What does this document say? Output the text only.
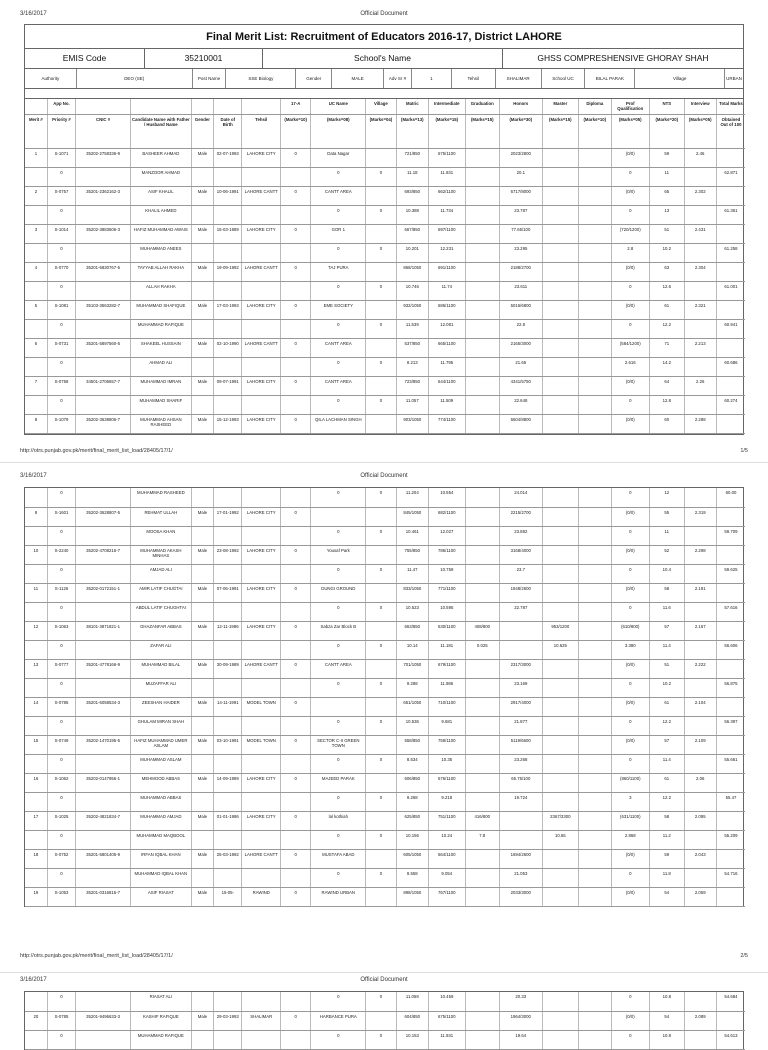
3/16/2017	Official Document
Final Merit List: Recruitment of Educators 2016-17, District LAHORE
EMIS Code	35210001	School's Name	GHSS COMPRESHENSIVE GHORAY SHAH
Authority	DEO (SE)	Post Name	SSE Biology	Gender	MALE	Adv Sr #	1	Tehsil	SHALIMAR	School UC	BILAL PARAK	Village	URBAN
	App No.						17-A	UC Name	Village	Matric	Intermediate	Graduation	Honors	Master	Diploma	Prof Qualification	NTS	Interview	Total Marks
Merit #	Priority #	CNIC #	Candidate Name with Father / Husband Name	Gender	Date of Birth	Tehsil	(Marks=10)	(Marks=08)	(Marks=04)	(Marks=13)	(Marks=15)	(Marks=15)	(Marks=30)	(Marks=15)	(Marks=10)	(Marks=05)	(Marks=20)	(Marks=05)	Obtained Out of 100
1	S-1071	35202-2758336-9	BASHEER AHMAD	Male	02-07-1993	LAHORE CITY	0	Data Nagar		721/850	675/1100		2023/2800			(0/0)	59	2.46	
	0		MANZOOR AHMAD					0	0	11.18	11.931		20.1			0	11		62.871
2	S-0757	35201-2362162-3	ASIF KHALIL	Male	10-06-1991	LAHORE CANTT	0	CANTT AREA		693/850	662/1100		6717/8000			(0/0)	65	2.302	
	0		KHALIL AHMED					0	0	10.388	11.734		23.787			0	13		61.361
3	S-1014	35202-3883606-3	HAFIZ MUHAMMAD AWAIS	Male	15-03-1989	LAHORE CITY	0	GOR 1		667/850	697/1100		77.65/100			(720/1200)	51	2.431	
	0		MUHAMMAD ANEES					0	0	10.201	12.231		23.295			2.8	10.2		61.258
4	S-0770	35201-6830767-5	TAYYAB ALLAH RAKHA	Male	19-09-1992	LAHORE CANTT	0	TAJ PURA		868/1050	691/1100		2188/2700			(0/0)	63	2.304	
	0		ALLAH RAKHA					0	0	10.746	11.74		23.611			0	12.6		61.001
5	S-1081	35103-3563282-7	MUHAMMAD SHAFIQUE	Male	17-03-1993	LAHORE CITY	0	EME SOCIETY		932/1050	686/1100		5016/6800			(0/0)	61	2.321	
	0		MUHAMMAD RAFIQUE					0	0	11.539	12.081		22.8			0	12.2		60.941
6	S-0731	35201-5897560-5	SHAKEEL HUSSAIN	Male	02-10-1990	LAHORE CANTT	0	CANTT AREA		537/850	665/1100		2165/3000			(584/1200)	71	2.213	
	0		AHMAD ALI					0	0	8.213	11.795		21.65			2.616	14.2		60.686
7	S-0758	34501-2706657-7	MUHAMMAD IMRAN	Male	09-07-1991	LAHORE CITY	0	CANTT AREA		723/850	644/1100		4341/5750			(0/0)	64	2.26	
	0		MUHAMMAD SHARIF					0	0	11.057	11.509		22.648			0	12.8		60.274
8	S-1079	35202-3638806-7	MUHAMMAD AHSAN RASHEED	Male	15-12-1993	LAHORE CITY	0	QILA LACHMAN SINGH		903/1050	774/1100		6604/8800			(0/0)	60	2.288	
http://otrs.punjab.gov.pk/merit/final_merit_list_load/28405/17/1/	1/5
3/16/2017	Official Document
	0		MUHAMMAD RASHEED					0	0	11.204	10.554		24.014			0	12		60.00
9	S-1601	35202-3628807-5	REHMAT ULLAH	Male	17-01-1992	LAHORE CITY	0			845/1050	682/1100		2215/2700			(0/0)	55	2.319	
	0		MOOSA KHAN					0	0	10.461	12.027		23.882			0	11		59.709
10	S-2240	35202-4708216-7	MUHAMMAD AKASH MINHAS	Male	23-08-1992	LAHORE CITY	0	Yousaf Park		755/850	786/1100		3168/4000			(0/0)	52	2.298	
	0		AMJAD ALI					0	0	11.47	10.759		23.7			0	10.4		59.625
11	S-1126	35202-0172151-1	AMIR LATIF CHUGTAI	Male	07-06-1991	LAHORE CITY	0	DUNGI GROUND		833/1050	771/1100		1948/2600			(0/0)	58	2.191	
	0		ABDUL LATIF CHUGHTAI					0	0	10.523	10.595		22.787			0	11.6		57.616
12	S-1063	38101-3871821-1	GHAZANFAR ABBAS	Male	12-11-1986	LAHORE CITY	0	Sabza Zar Block B		663/850	630/1100	408/800		953/1200		(610/800)	57	2.167	
	0		ZAFAR ALI					0	0	10.14	11.181	0.025		10.625		3.380	11.4		56.606
13	S-0777	35201-4778166-9	MUHAMMAD BILAL	Male	30-09-1989	LAHORE CANTT	0	CANTT AREA		701/1050	679/1100		2317/3000			(0/0)	51	2.222	
	0		MUZAFFAR ALI					0	0	9.288	11.986		23.169			0	10.2		56.875
14	S-0785	35201-6058534-3	ZEESHAN HAIDER	Male	14-11-1991	MODEL TOWN	0			651/1050	710/1100		2917/4000			(0/0)	61	2.104	
	0		GHULAM MIRAN SHAH					0	0	10.536	9.681		21.877			0	12.2		56.397
15	S-0749	35202-1470195-5	HAFIZ MUHAMMAD UMER ASLAM	Male	03-10-1991	MODEL TOWN	0	SECTOR C-II GREEN TOWN		558/850	759/1100		5119/6600			(0/0)	57	2.109	
	0		MUHAMMAD ASLAM					0	0	8.534	10.35		23.268			0	11.4		55.661
16	S-1062	35202-0147956-1	MEHMOOD ABBAS	Male	14-09-1989	LAHORE CITY	0	MAJEED PARAK		606/850	676/1100		65.75/100			(860/1100)	61	2.06	
	0		MUHAMMAD ABBAS					0	0	9.268	9.218		19.724			3	12.2		55.47
17	S-1025	35202-4821834-7	MUHAMMAD AMJAD	Male	01-01-1986	LAHORE CITY	0	lal kothiah		625/850	751/1100	416/800		2367/3300		(631/1100)	58	2.095	
	0		MUHAMMAD MAQBOOL					0	0	10.156	10.24	7.8		10.65		2.868	11.2		55.209
18	S-0752	35201-5801405-9	IRFAN IQBAL KHAN	Male	25-03-1992	LAHORE CANTT	0	MUSTAFA ABAD		605/1050	664/1100		1694/2600			(0/0)	59	2.043	
	0		MUHAMMAD IQBAL KHAN					0	0	9.558	9.054		21.053			0	11.8		54.716
19	S-1053	35201-0316815-7	ASIF RIASAT	Male	15-05-	RAWIND	0	RAWIND URBAN		898/1050	767/1100		2033/3000			(0/0)	54	2.059	
http://otrs.punjab.gov.pk/merit/final_merit_list_load/28405/17/1/	2/5
3/16/2017	Official Document
	0		RIASAT ALI					0	0	11.058	10.459		20.33			0	10.8		54.684
20	S-0785	35201-9496633-3	KASHIF RAFIQUE	Male	29-03-1993	SHALIMAR	0	HARBANCE PURA		604/850	675/1100		1964/3000			(0/0)	54	2.089	
	0		MUHAMMAD RAFIQUE					0	0	10.153	11.931		19.64			0	10.8		54.613
